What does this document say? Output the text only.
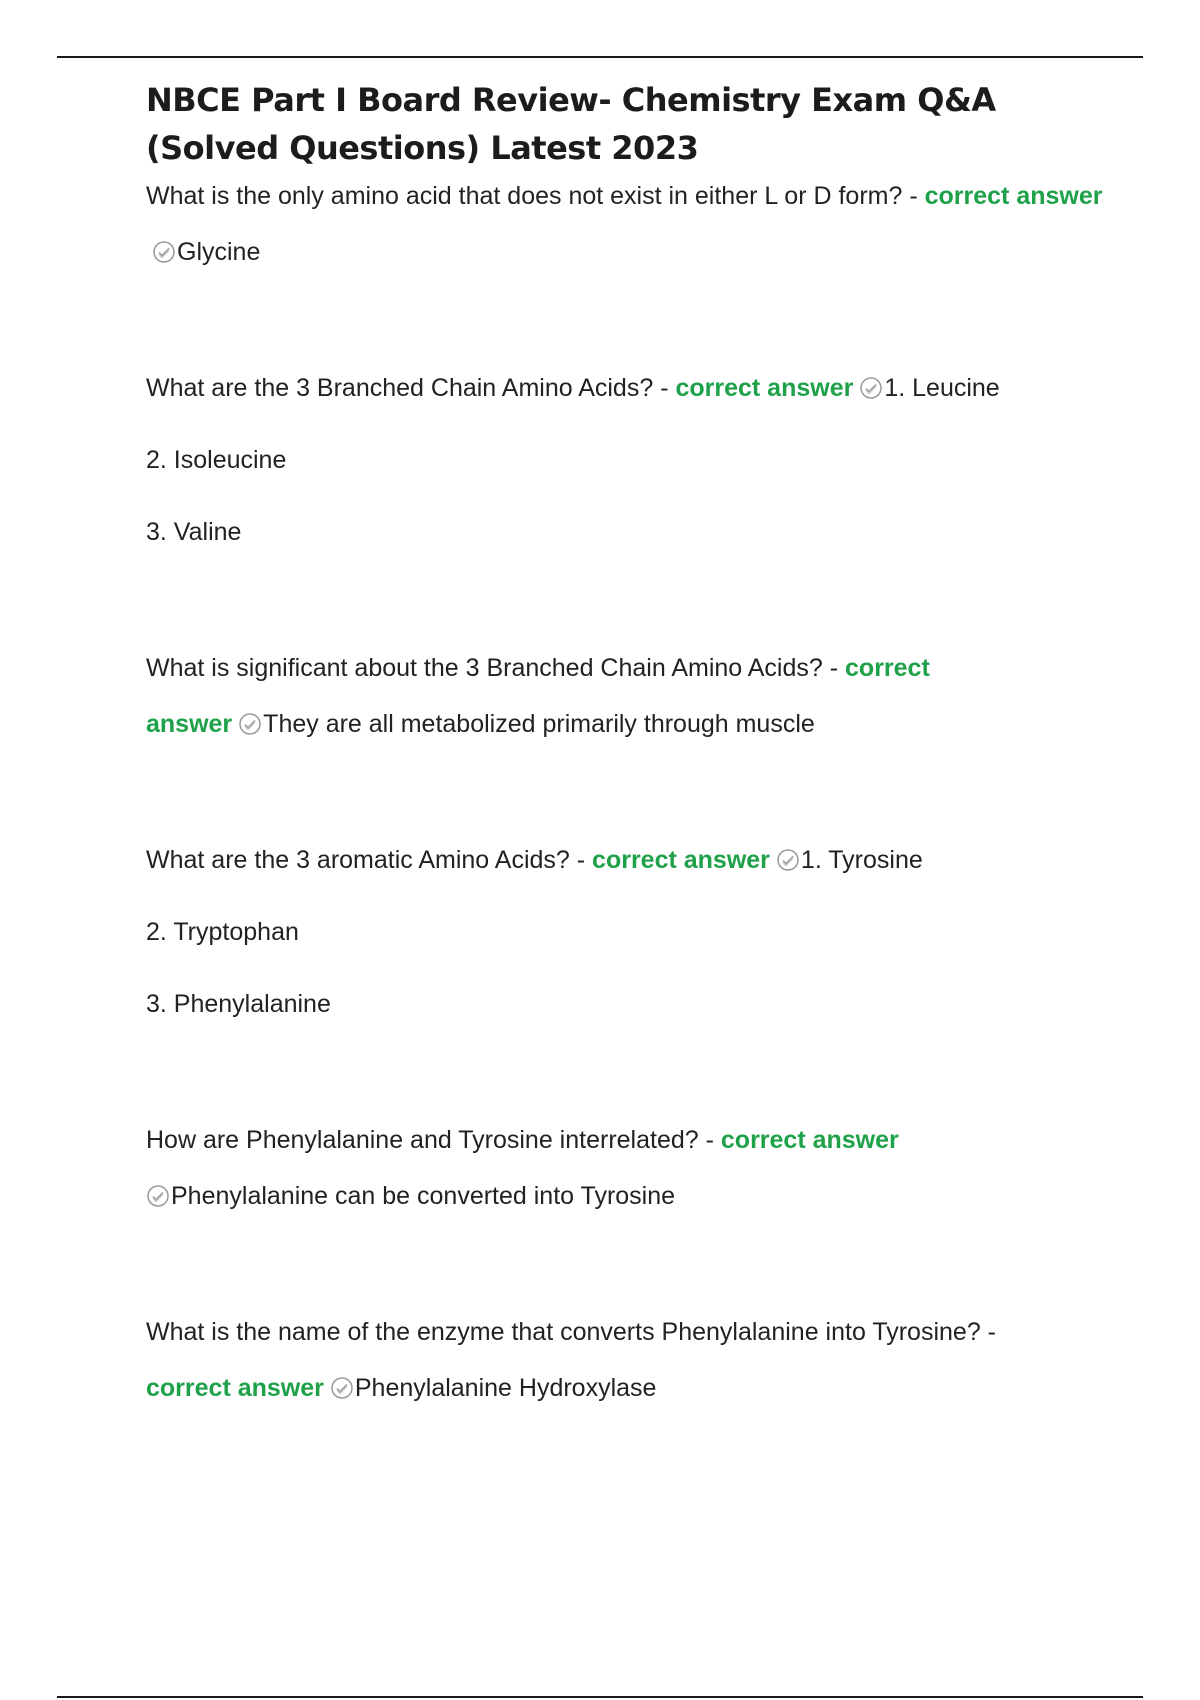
NBCE Part I Board Review- Chemistry Exam Q&A (Solved Questions) Latest 2023

What is the only amino acid that does not exist in either L or D form? - correct answer
Glycine

What are the 3 Branched Chain Amino Acids? - correct answer 1. Leucine

2. Isoleucine

3. Valine

What is significant about the 3 Branched Chain Amino Acids? - correct answer They are all metabolized primarily through muscle

What are the 3 aromatic Amino Acids? - correct answer 1. Tyrosine

2. Tryptophan

3. Phenylalanine

How are Phenylalanine and Tyrosine interrelated? - correct answer

Phenylalanine can be converted into Tyrosine

What is the name of the enzyme that converts Phenylalanine into Tyrosine? -
correct answer Phenylalanine Hydroxylase
